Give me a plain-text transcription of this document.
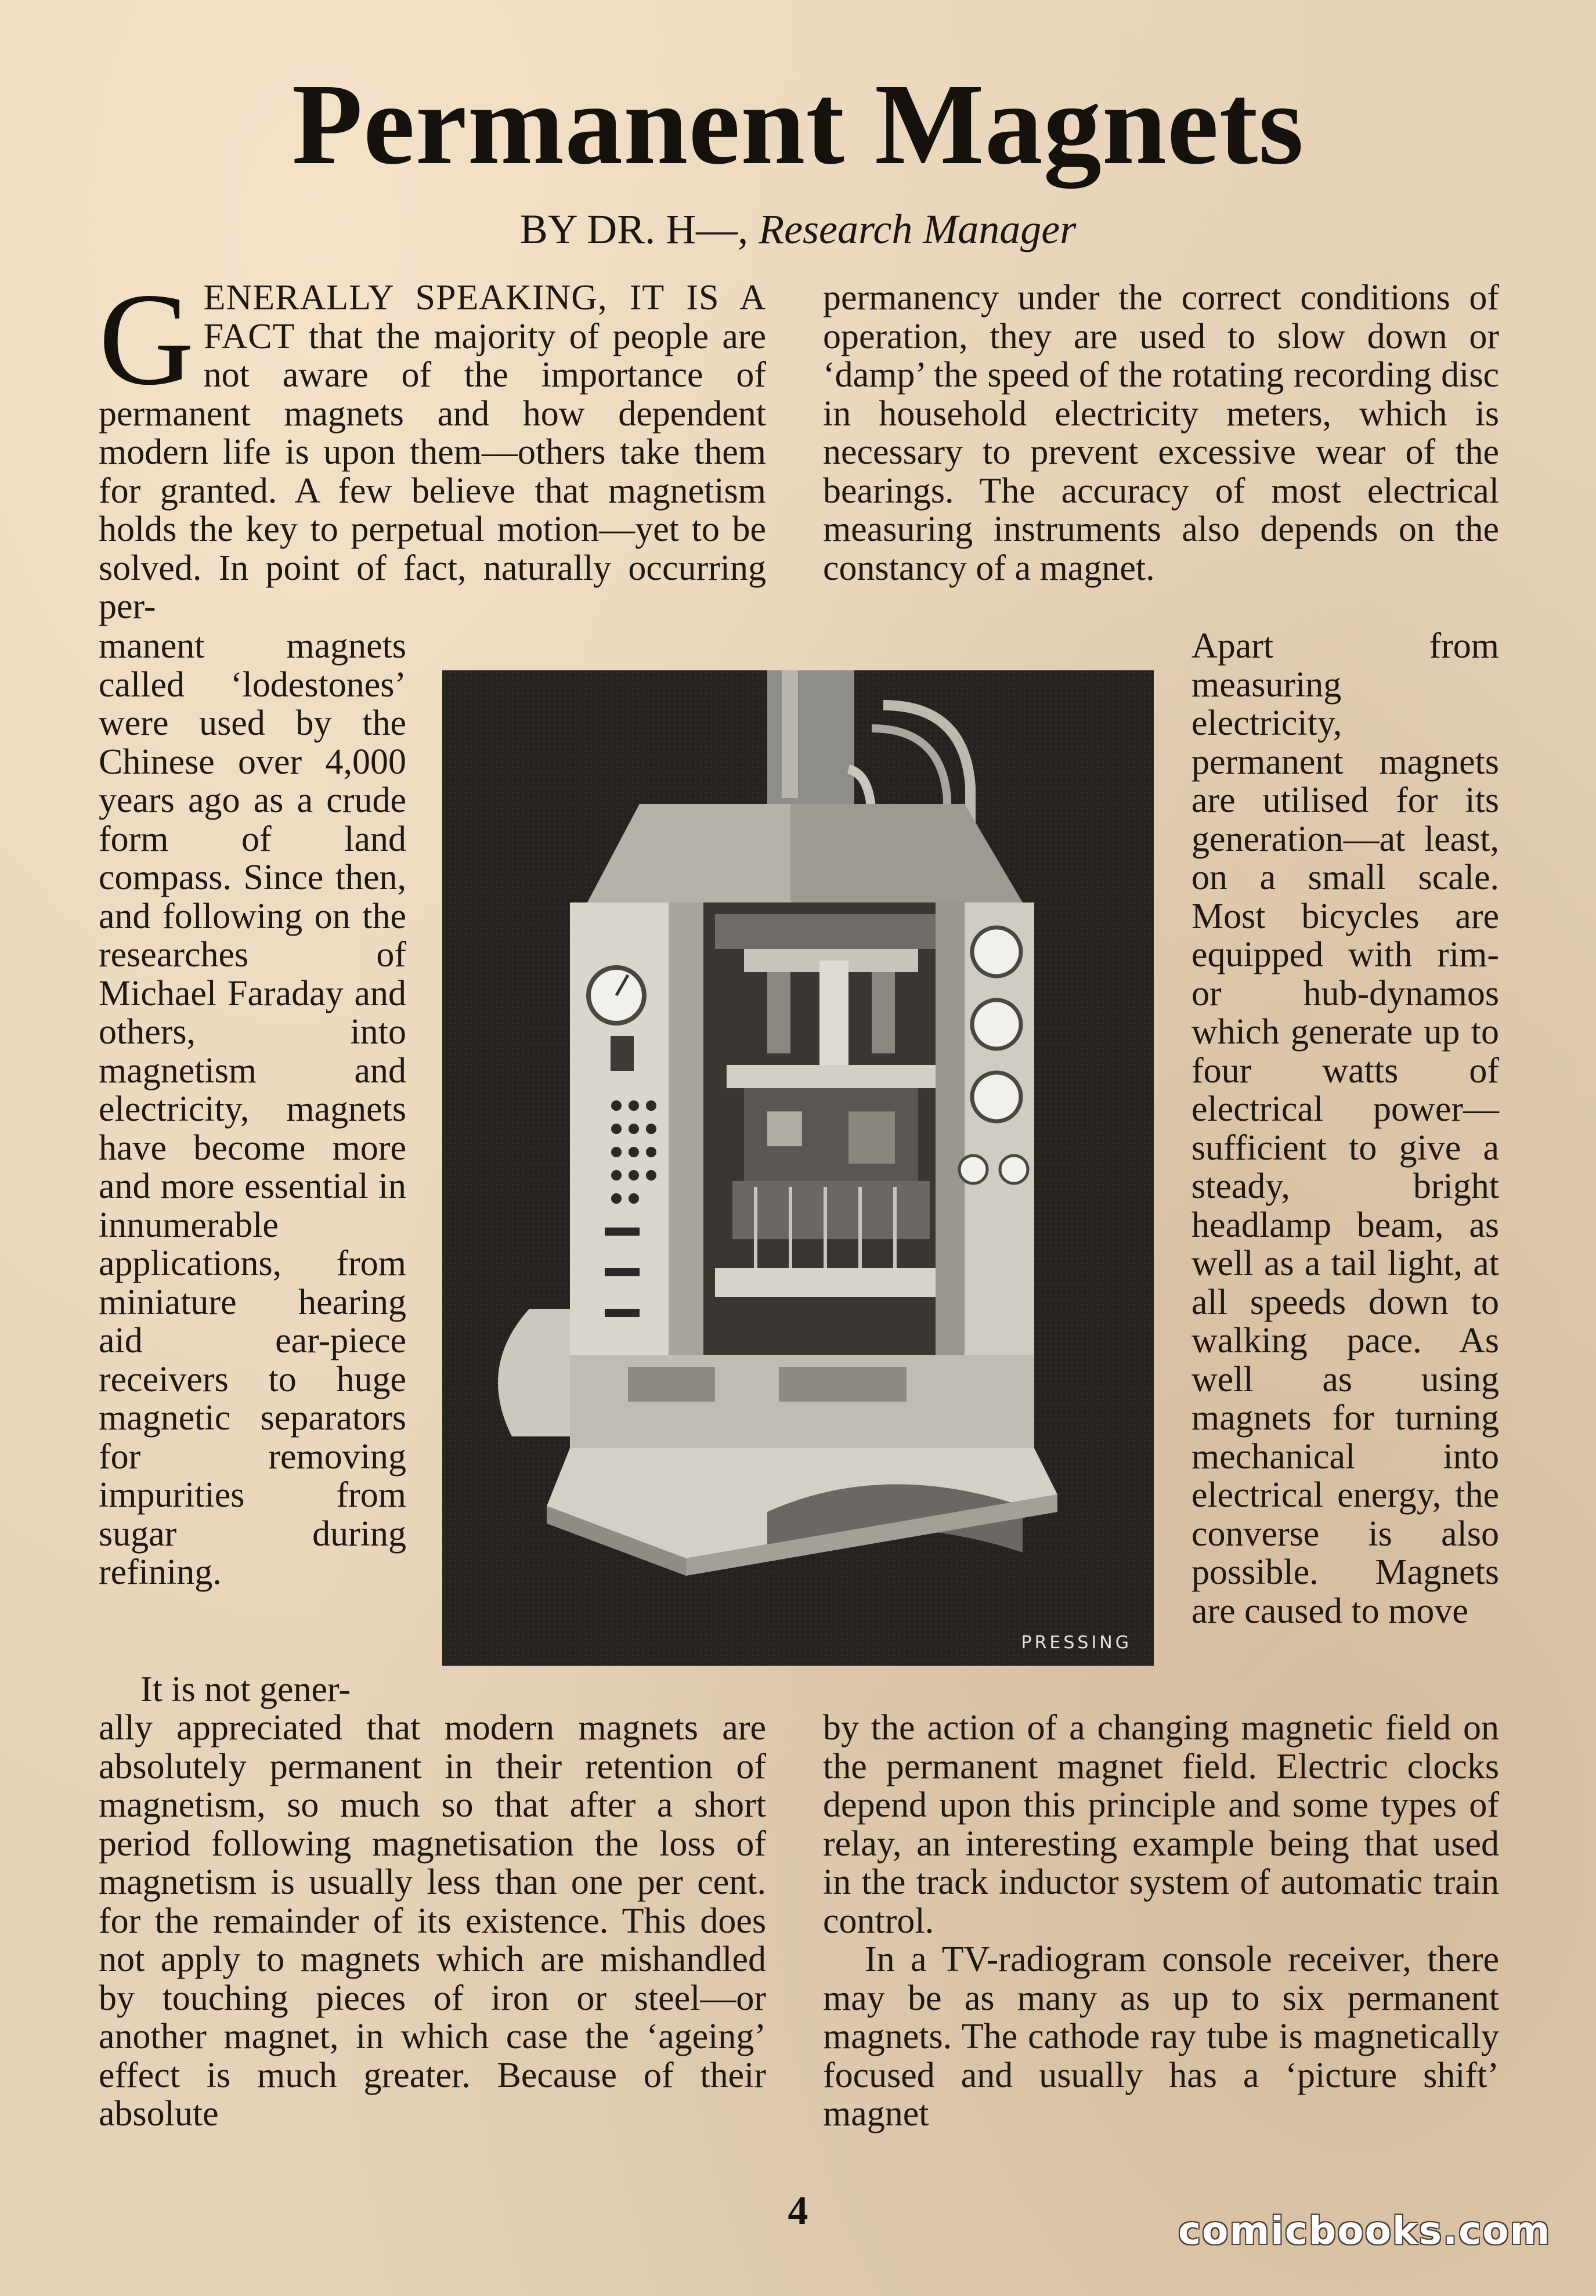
Permanent Magnets
BY DR. H—, Research Manager

GENERALLY SPEAKING, IT IS A FACT that the majority of people are not aware of the importance of permanent magnets and how dependent modern life is upon them—others take them for granted. A few believe that magnetism holds the key to perpetual motion—yet to be solved. In point of fact, naturally occurring per-

manent magnets called ‘lodestones’ were used by the Chinese over 4,000 years ago as a crude form of land compass. Since then, and following on the researches of Michael Faraday and others, into magnetism and electricity, magnets have become more and more essential in innumerable applications, from miniature hearing aid ear-piece receivers to huge magnetic separators for removing impurities from sugar during refining.

It is not gener-

ally appreciated that modern magnets are absolutely permanent in their retention of magnetism, so much so that after a short period following magnetisation the loss of magnetism is usually less than one per cent. for the remainder of its existence. This does not apply to magnets which are mishandled by touching pieces of iron or steel—or another magnet, in which case the ‘ageing’ effect is much greater. Because of their absolute

permanency under the correct conditions of operation, they are used to slow down or ‘damp’ the speed of the rotating recording disc in household electricity meters, which is necessary to prevent excessive wear of the bearings. The accuracy of most electrical measuring instruments also depends on the constancy of a magnet.

Apart from measuring electricity, permanent magnets are utilised for its generation—at least, on a small scale. Most bicycles are equipped with rim- or hub-dynamos which generate up to four watts of electrical power—sufficient to give a steady, bright headlamp beam, as well as a tail light, at all speeds down to walking pace. As well as using magnets for turning mechanical into electrical energy, the converse is also possible. Magnets are caused to move

by the action of a changing magnetic field on the permanent magnet field. Electric clocks depend upon this principle and some types of relay, an interesting example being that used in the track inductor system of automatic train control.

In a TV-radiogram console receiver, there may be as many as up to six permanent magnets. The cathode ray tube is magnetically focused and usually has a ‘picture shift’ magnet

PRESSING
4	comicbooks.com
